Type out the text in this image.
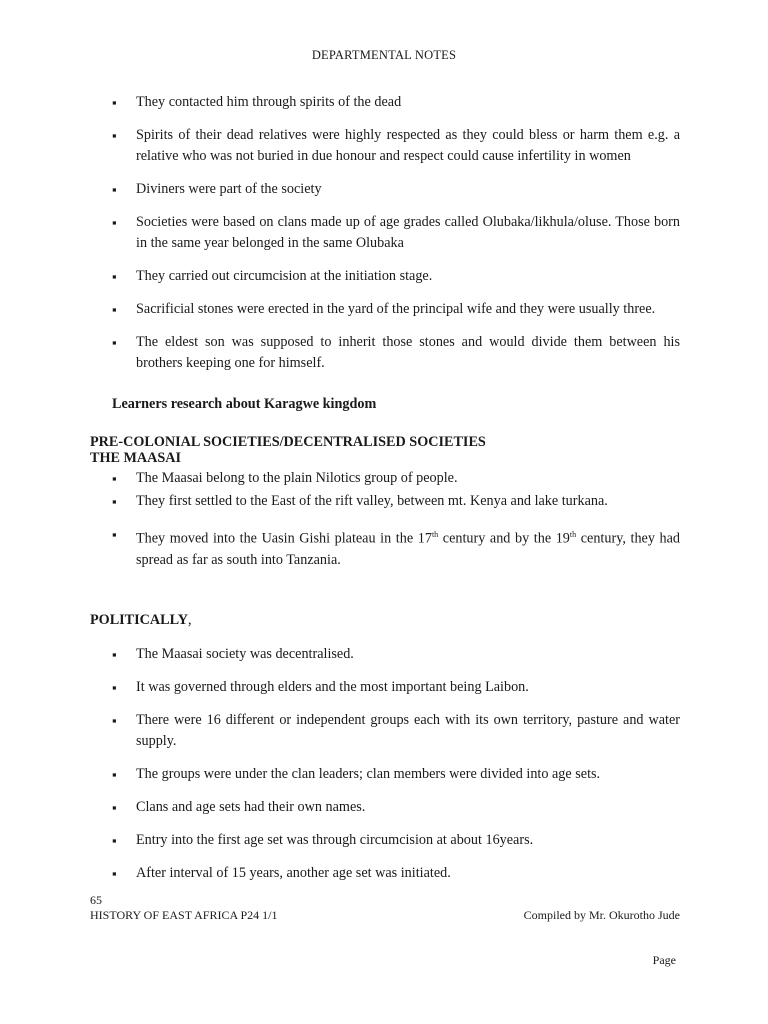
DEPARTMENTAL NOTES
▪ They contacted him through spirits of the dead
▪ Spirits of their dead relatives were highly respected as they could bless or harm them e.g. a relative who was not buried in due honour and respect could cause infertility in women
▪ Diviners were part of the society
▪ Societies were based on clans made up of age grades called Olubaka/likhula/oluse. Those born in the same year belonged in the same Olubaka
▪ They carried out circumcision at the initiation stage.
▪ Sacrificial stones were erected in the yard of the principal wife and they were usually three.
▪ The eldest son was supposed to inherit those stones and would divide them between his brothers keeping one for himself.
Learners research about Karagwe kingdom
PRE-COLONIAL SOCIETIES/DECENTRALISED SOCIETIES
THE MAASAI
▪ The Maasai belong to the plain Nilotics group of people.
▪ They first settled to the East of the rift valley, between mt. Kenya and lake turkana.
▪ They moved into the Uasin Gishi plateau in the 17th century and by the 19th century, they had spread as far as south into Tanzania.
POLITICALLY,
▪ The Maasai society was decentralised.
▪ It was governed through elders and the most important being Laibon.
▪ There were 16 different or independent groups each with its own territory, pasture and water supply.
▪ The groups were under the clan leaders; clan members were divided into age sets.
▪ Clans and age sets had their own names.
▪ Entry into the first age set was through circumcision at about 16years.
▪ After interval of 15 years, another age set was initiated.
65
HISTORY OF EAST AFRICA P24 1/1	Compiled by Mr. Okurotho Jude
Page
